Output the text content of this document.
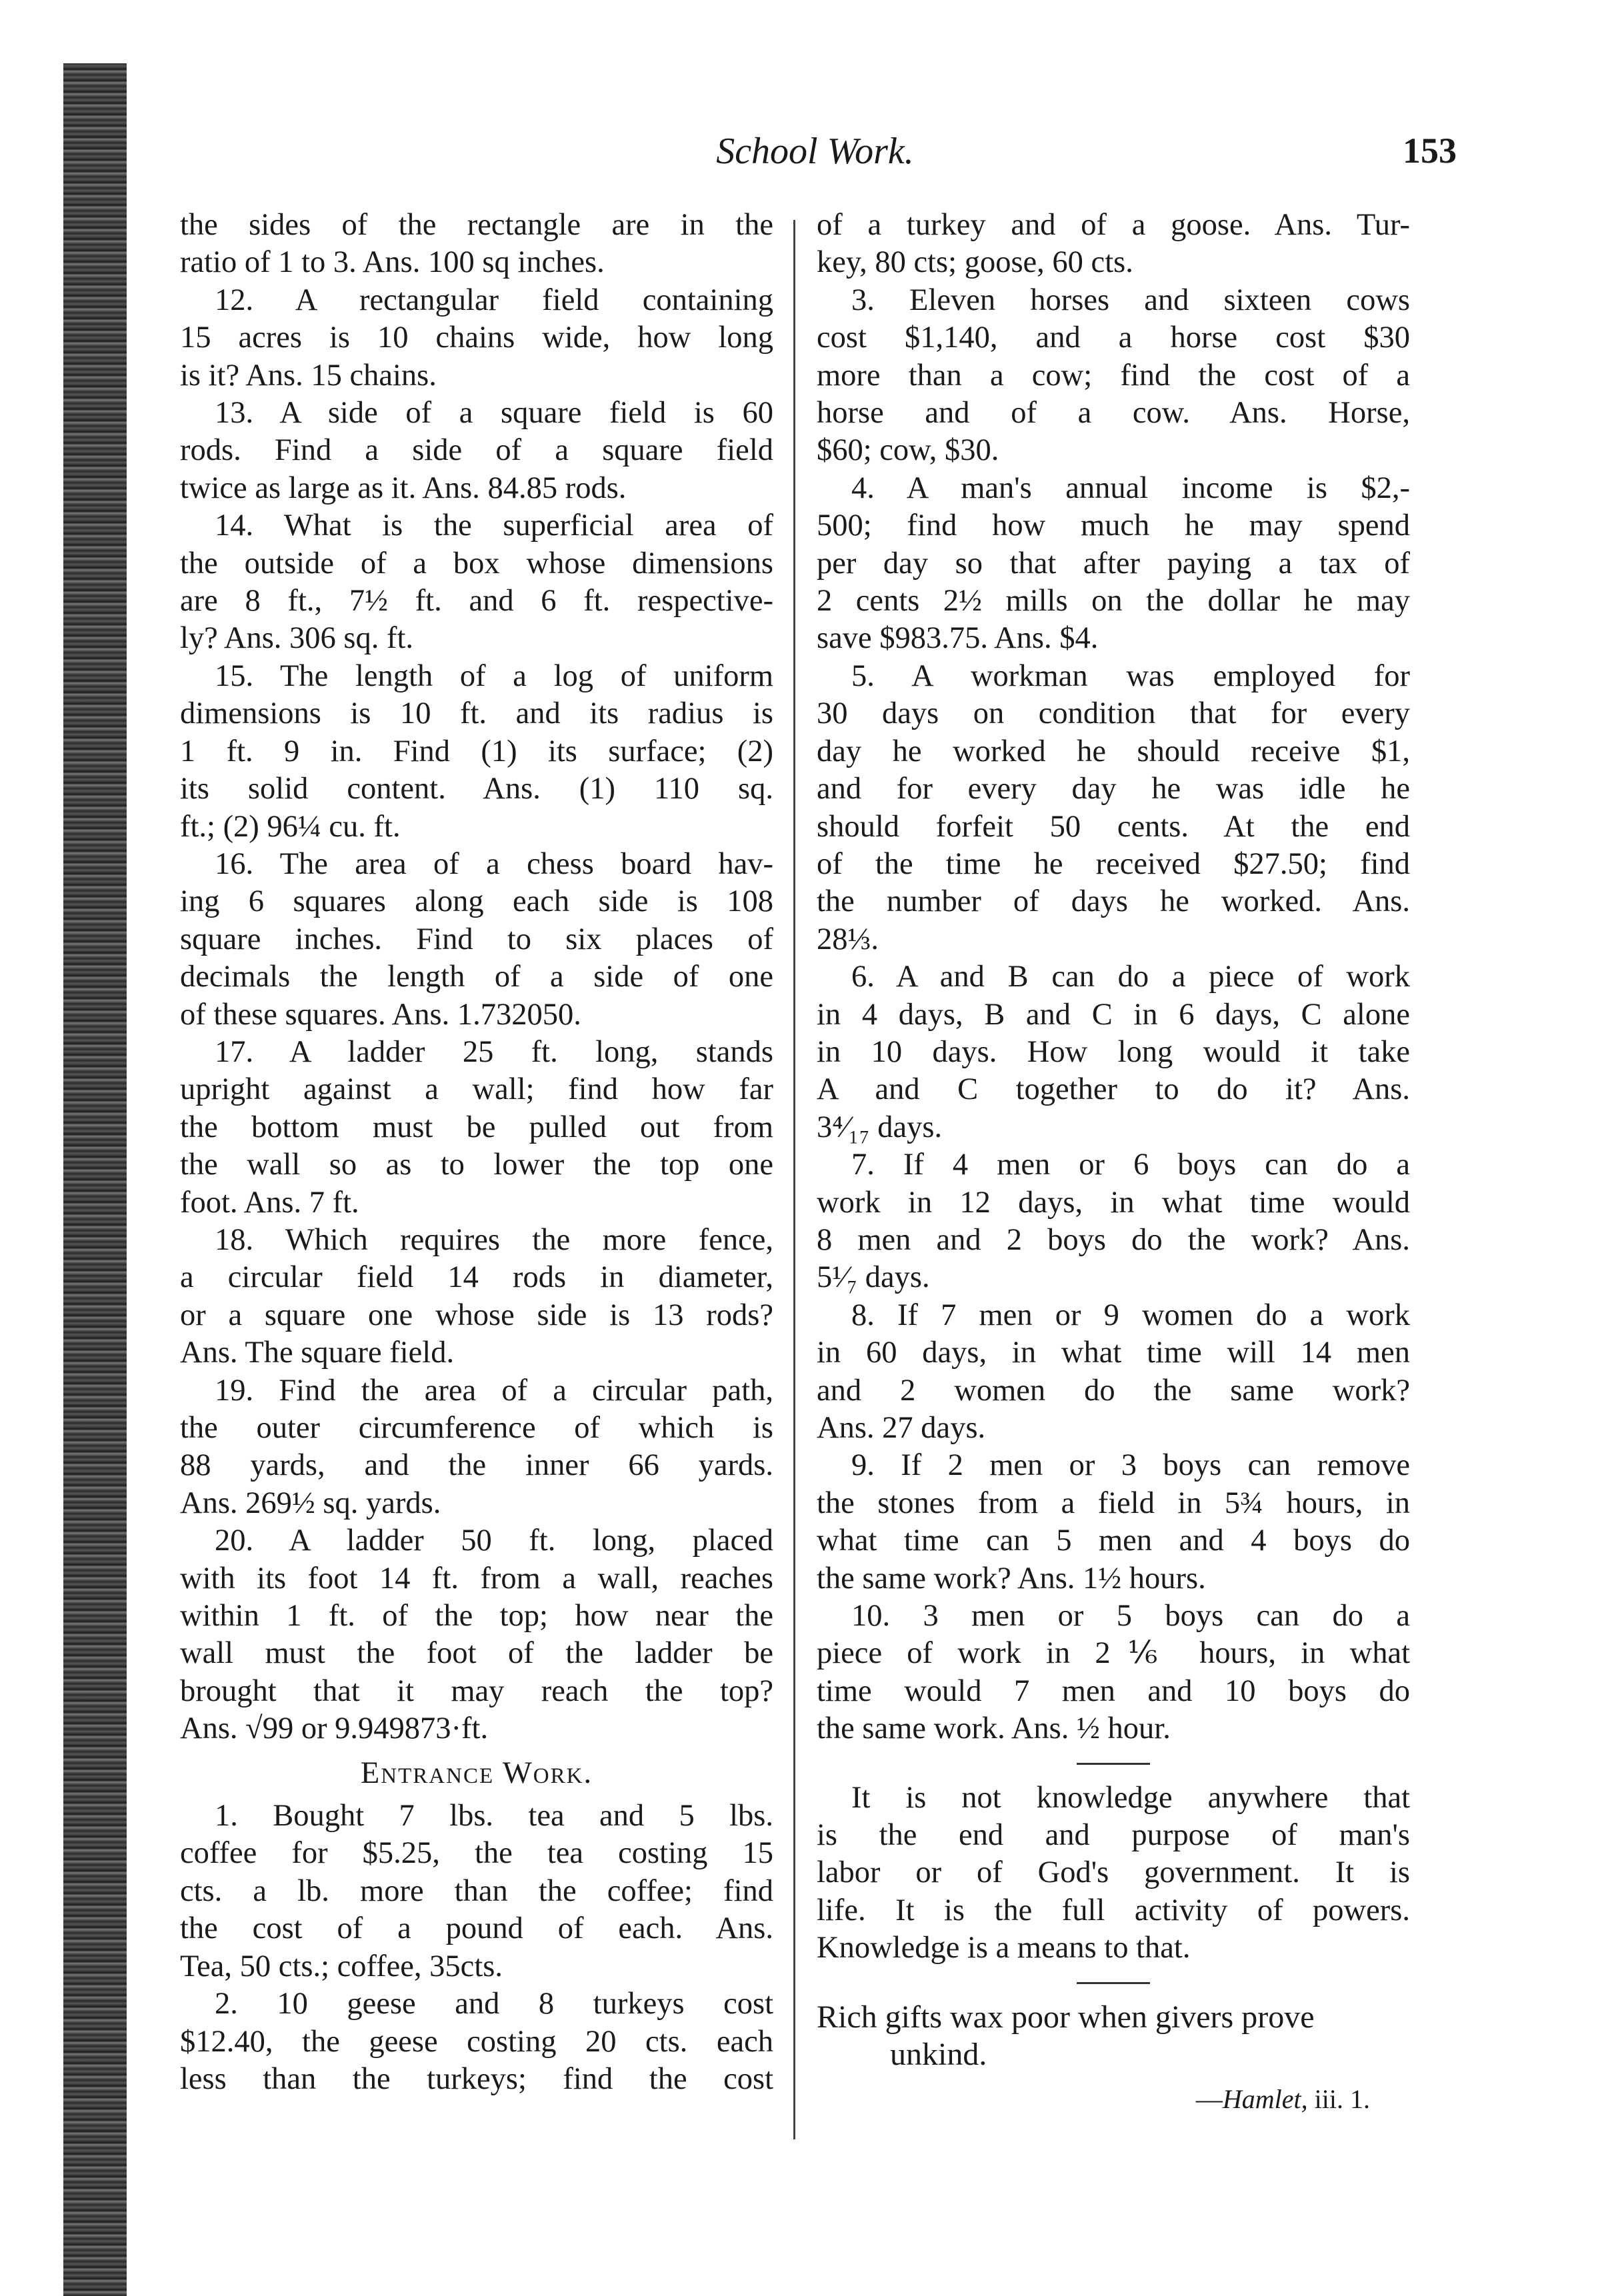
School Work.	153
the sides of the rectangle are in the
ratio of 1 to 3. Ans. 100 sq inches.
12. A rectangular field containing
15 acres is 10 chains wide, how long
is it? Ans. 15 chains.
13. A side of a square field is 60
rods. Find a side of a square field
twice as large as it. Ans. 84.85 rods.
14. What is the superficial area of
the outside of a box whose dimensions
are 8 ft., 7½ ft. and 6 ft. respective-
ly? Ans. 306 sq. ft.
15. The length of a log of uniform
dimensions is 10 ft. and its radius is
1 ft. 9 in. Find (1) its surface; (2)
its solid content. Ans. (1) 110 sq.
ft.; (2) 96¼ cu. ft.
16. The area of a chess board hav-
ing 6 squares along each side is 108
square inches. Find to six places of
decimals the length of a side of one
of these squares. Ans. 1.732050.
17. A ladder 25 ft. long, stands
upright against a wall; find how far
the bottom must be pulled out from
the wall so as to lower the top one
foot. Ans. 7 ft.
18. Which requires the more fence,
a circular field 14 rods in diameter,
or a square one whose side is 13 rods?
Ans. The square field.
19. Find the area of a circular path,
the outer circumference of which is
88 yards, and the inner 66 yards.
Ans. 269½ sq. yards.
20. A ladder 50 ft. long, placed
with its foot 14 ft. from a wall, reaches
within 1 ft. of the top; how near the
wall must the foot of the ladder be
brought that it may reach the top?
Ans. √99 or 9.949873·ft.
Entrance Work.
1. Bought 7 lbs. tea and 5 lbs.
coffee for $5.25, the tea costing 15
cts. a lb. more than the coffee; find
the cost of a pound of each. Ans.
Tea, 50 cts.; coffee, 35cts.
2. 10 geese and 8 turkeys cost
$12.40, the geese costing 20 cts. each
less than the turkeys; find the cost
of a turkey and of a goose. Ans. Tur-
key, 80 cts; goose, 60 cts.
3. Eleven horses and sixteen cows
cost $1,140, and a horse cost $30
more than a cow; find the cost of a
horse and of a cow. Ans. Horse,
$60; cow, $30.
4. A man's annual income is $2,-
500; find how much he may spend
per day so that after paying a tax of
2 cents 2½ mills on the dollar he may
save $983.75. Ans. $4.
5. A workman was employed for
30 days on condition that for every
day he worked he should receive $1,
and for every day he was idle he
should forfeit 50 cents. At the end
of the time he received $27.50; find
the number of days he worked. Ans.
28⅓.
6. A and B can do a piece of work
in 4 days, B and C in 6 days, C alone
in 10 days. How long would it take
A and C together to do it? Ans.
3⁴⁄₁₇ days.
7. If 4 men or 6 boys can do a
work in 12 days, in what time would
8 men and 2 boys do the work? Ans.
5¹⁄₇ days.
8. If 7 men or 9 women do a work
in 60 days, in what time will 14 men
and 2 women do the same work?
Ans. 27 days.
9. If 2 men or 3 boys can remove
the stones from a field in 5¾ hours, in
what time can 5 men and 4 boys do
the same work? Ans. 1½ hours.
10. 3 men or 5 boys can do a
piece of work in 2⅙ hours, in what
time would 7 men and 10 boys do
the same work. Ans. ½ hour.
It is not knowledge anywhere that
is the end and purpose of man's
labor or of God's government. It is
life. It is the full activity of powers.
Knowledge is a means to that.
Rich gifts wax poor when givers prove
unkind.
—Hamlet, iii. 1.
